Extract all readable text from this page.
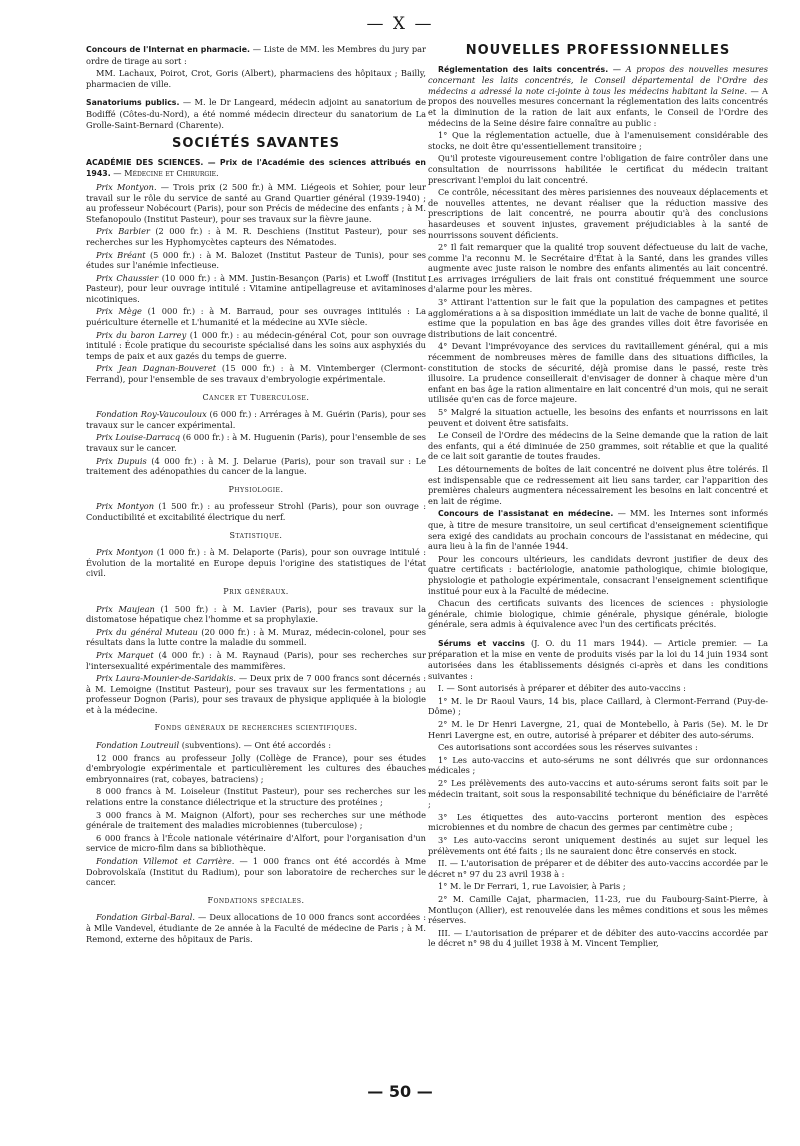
— X —

Concours de l'Internat en pharmacie. — Liste de MM. les Membres du jury par ordre de tirage au sort :

MM. Lachaux, Poirot, Crot, Goris (Albert), pharmaciens des hôpitaux ; Bailly, pharmacien de ville.

Sanatoriums publics. — M. le Dr Langeard, médecin adjoint au sanatorium de Bodiffé (Côtes-du-Nord), a été nommé médecin directeur du sanatorium de La Grolle-Saint-Bernard (Charente).

SOCIÉTÉS SAVANTES

ACADÉMIE DES SCIENCES. — Prix de l'Académie des sciences attribués en 1943. — Médecine et Chirurgie.

Prix Montyon. — Trois prix (2 500 fr.) à MM. Liégeois et Sohier, pour leur travail sur le rôle du service de santé au Grand Quartier général (1939-1940) ; au professeur Nobécourt (Paris), pour son Précis de médecine des enfants ; à M. Stefanopoulo (Institut Pasteur), pour ses travaux sur la fièvre jaune.

Prix Barbier (2 000 fr.) : à M. R. Deschiens (Institut Pasteur), pour ses recherches sur les Hyphomycètes capteurs des Nématodes.

Prix Bréant (5 000 fr.) : à M. Balozet (Institut Pasteur de Tunis), pour ses études sur l'anémie infectieuse.

Prix Chaussier (10 000 fr.) : à MM. Justin-Besançon (Paris) et Lwoff (Institut Pasteur), pour leur ouvrage intitulé : Vitamine antipellagreuse et avitaminoses nicotiniques.

Prix Mège (1 000 fr.) : à M. Barraud, pour ses ouvrages intitulés : La puériculture éternelle et L'humanité et la médecine au XVIe siècle.

Prix du baron Larrey (1 000 fr.) : au médecin-général Cot, pour son ouvrage intitulé : École pratique du secouriste spécialisé dans les soins aux asphyxiés du temps de paix et aux gazés du temps de guerre.

Prix Jean Dagnan-Bouveret (15 000 fr.) : à M. Vintemberger (Clermont-Ferrand), pour l'ensemble de ses travaux d'embryologie expérimentale.

Cancer et Tuberculose.

Fondation Roy-Vaucouloux (6 000 fr.) : Arrérages à M. Guérin (Paris), pour ses travaux sur le cancer expérimental.

Prix Louise-Darracq (6 000 fr.) : à M. Huguenin (Paris), pour l'ensemble de ses travaux sur le cancer.

Prix Dupuis (4 000 fr.) : à M. J. Delarue (Paris), pour son travail sur : Le traitement des adénopathies du cancer de la langue.

Physiologie.

Prix Montyon (1 500 fr.) : au professeur Strohl (Paris), pour son ouvrage : Conductibilité et excitabilité électrique du nerf.

Statistique.

Prix Montyon (1 000 fr.) : à M. Delaporte (Paris), pour son ouvrage intitulé : Évolution de la mortalité en Europe depuis l'origine des statistiques de l'état civil.

Prix généraux.

Prix Maujean (1 500 fr.) : à M. Lavier (Paris), pour ses travaux sur la distomatose hépatique chez l'homme et sa prophylaxie.

Prix du général Muteau (20 000 fr.) : à M. Muraz, médecin-colonel, pour ses résultats dans la lutte contre la maladie du sommeil.

Prix Marquet (4 000 fr.) : à M. Raynaud (Paris), pour ses recherches sur l'intersexualité expérimentale des mammifères.

Prix Laura-Mounier-de-Saridakis. — Deux prix de 7 000 francs sont décernés : à M. Lemoigne (Institut Pasteur), pour ses travaux sur les fermentations ; au professeur Dognon (Paris), pour ses travaux de physique appliquée à la biologie et à la médecine.

Fonds généraux de recherches scientifiques.

Fondation Loutreuil (subventions). — Ont été accordés :

12 000 francs au professeur Jolly (Collège de France), pour ses études d'embryologie expérimentale et particulièrement les cultures des ébauches embryonnaires (rat, cobayes, batraciens) ;

8 000 francs à M. Loiseleur (Institut Pasteur), pour ses recherches sur les relations entre la constance diélectrique et la structure des protéines ;

3 000 francs à M. Maignon (Alfort), pour ses recherches sur une méthode générale de traitement des maladies microbiennes (tuberculose) ;

6 000 francs à l'École nationale vétérinaire d'Alfort, pour l'organisation d'un service de micro-film dans sa bibliothèque.

Fondation Villemot et Carrière. — 1 000 francs ont été accordés à Mme Dobrovolskaïa (Institut du Radium), pour son laboratoire de recherches sur le cancer.

Fondations spéciales.

Fondation Girbal-Baral. — Deux allocations de 10 000 francs sont accordées : à Mlle Vandevel, étudiante de 2e année à la Faculté de médecine de Paris ; à M. Remond, externe des hôpitaux de Paris.

NOUVELLES PROFESSIONNELLES

Réglementation des laits concentrés. — A propos des nouvelles mesures concernant les laits concentrés, le Conseil départemental de l'Ordre des médecins a adressé la note ci-jointe à tous les médecins habitant la Seine. — A propos des nouvelles mesures concernant la réglementation des laits concentrés et la diminution de la ration de lait aux enfants, le Conseil de l'Ordre des médecins de la Seine désire faire connaître au public :

1° Que la réglementation actuelle, due à l'amenuisement considérable des stocks, ne doit être qu'essentiellement transitoire ;

Qu'il proteste vigoureusement contre l'obligation de faire contrôler dans une consultation de nourrissons habilitée le certificat du médecin traitant prescrivant l'emploi du lait concentré.

Ce contrôle, nécessitant des mères parisiennes des nouveaux déplacements et de nouvelles attentes, ne devant réaliser que la réduction massive des prescriptions de lait concentré, ne pourra aboutir qu'à des conclusions hasardeuses et souvent injustes, gravement préjudiciables à la santé de nourrissons souvent déficients.

2° Il fait remarquer que la qualité trop souvent défectueuse du lait de vache, comme l'a reconnu M. le Secrétaire d'État à la Santé, dans les grandes villes augmente avec juste raison le nombre des enfants alimentés au lait concentré. Les arrivages irréguliers de lait frais ont constitué fréquemment une source d'alarme pour les mères.

3° Attirant l'attention sur le fait que la population des campagnes et petites agglomérations a à sa disposition immédiate un lait de vache de bonne qualité, il estime que la population en bas âge des grandes villes doit être favorisée en distributions de lait concentré.

4° Devant l'imprévoyance des services du ravitaillement général, qui a mis récemment de nombreuses mères de famille dans des situations difficiles, la constitution de stocks de sécurité, déjà promise dans le passé, reste très illusoire. La prudence conseillerait d'envisager de donner à chaque mère d'un enfant en bas âge la ration alimentaire en lait concentré d'un mois, qui ne serait utilisée qu'en cas de force majeure.

5° Malgré la situation actuelle, les besoins des enfants et nourrissons en lait peuvent et doivent être satisfaits.

Le Conseil de l'Ordre des médecins de la Seine demande que la ration de lait des enfants, qui a été diminuée de 250 grammes, soit rétablie et que la qualité de ce lait soit garantie de toutes fraudes.

Les détournements de boîtes de lait concentré ne doivent plus être tolérés. Il est indispensable que ce redressement ait lieu sans tarder, car l'apparition des premières chaleurs augmentera nécessairement les besoins en lait concentré et en lait de régime.

Concours de l'assistanat en médecine. — MM. les Internes sont informés que, à titre de mesure transitoire, un seul certificat d'enseignement scientifique sera exigé des candidats au prochain concours de l'assistanat en médecine, qui aura lieu à la fin de l'année 1944.

Pour les concours ultérieurs, les candidats devront justifier de deux des quatre certificats : bactériologie, anatomie pathologique, chimie biologique, physiologie et pathologie expérimentale, consacrant l'enseignement scientifique institué pour eux à la Faculté de médecine.

Chacun des certificats suivants des licences de sciences : physiologie générale, chimie biologique, chimie générale, physique générale, biologie générale, sera admis à équivalence avec l'un des certificats précités.

Sérums et vaccins (J. O. du 11 mars 1944). — Article premier. — La préparation et la mise en vente de produits visés par la loi du 14 juin 1934 sont autorisées dans les établissements désignés ci-après et dans les conditions suivantes :

I. — Sont autorisés à préparer et débiter des auto-vaccins :

1° M. le Dr Raoul Vaurs, 14 bis, place Caillard, à Clermont-Ferrand (Puy-de-Dôme) ;

2° M. le Dr Henri Lavergne, 21, quai de Montebello, à Paris (5e). M. le Dr Henri Lavergne est, en outre, autorisé à préparer et débiter des auto-sérums.

Ces autorisations sont accordées sous les réserves suivantes :

1° Les auto-vaccins et auto-sérums ne sont délivrés que sur ordonnances médicales ;

2° Les prélèvements des auto-vaccins et auto-sérums seront faits soit par le médecin traitant, soit sous la responsabilité technique du bénéficiaire de l'arrêté ;

3° Les étiquettes des auto-vaccins porteront mention des espèces microbiennes et du nombre de chacun des germes par centimètre cube ;

3° Les auto-vaccins seront uniquement destinés au sujet sur lequel les prélèvements ont été faits ; ils ne sauraient donc être conservés en stock.

II. — L'autorisation de préparer et de débiter des auto-vaccins accordée par le décret n° 97 du 23 avril 1938 à :

1° M. le Dr Ferrari, 1, rue Lavoisier, à Paris ;

2° M. Camille Cajat, pharmacien, 11-23, rue du Faubourg-Saint-Pierre, à Montluçon (Allier), est renouvelée dans les mêmes conditions et sous les mêmes réserves.

III. — L'autorisation de préparer et de débiter des auto-vaccins accordée par le décret n° 98 du 4 juillet 1938 à M. Vincent Templier,

— 50 —
